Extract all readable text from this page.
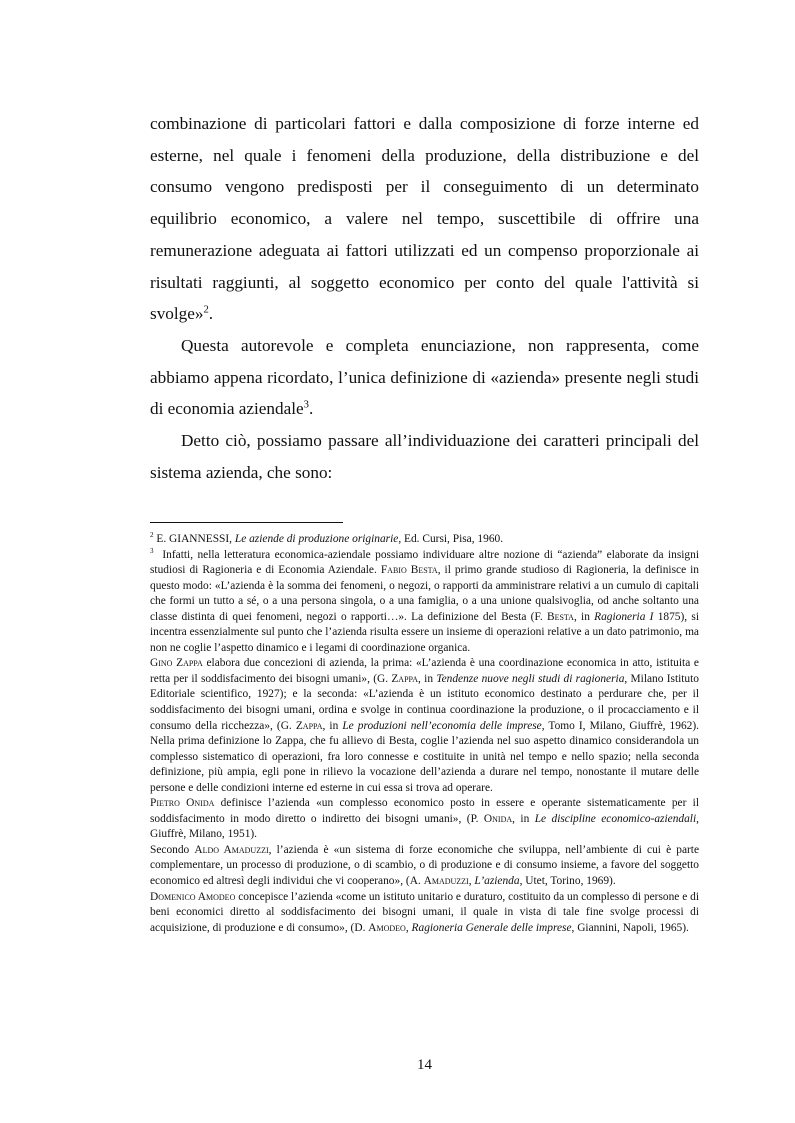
combinazione di particolari fattori e dalla composizione di forze interne ed esterne, nel quale i fenomeni della produzione, della distribuzione e del consumo vengono predisposti per il conseguimento di un determinato equilibrio economico, a valere nel tempo, suscettibile di offrire una remunerazione adeguata ai fattori utilizzati ed un compenso proporzionale ai risultati raggiunti, al soggetto economico per conto del quale l'attività si svolge»$^2$.

Questa autorevole e completa enunciazione, non rappresenta, come abbiamo appena ricordato, l’unica definizione di «azienda» presente negli studi di economia aziendale$^3$.

Detto ciò, possiamo passare all’individuazione dei caratteri principali del sistema azienda, che sono:

$^2$ E. GIANNESSI, Le aziende di produzione originarie, Ed. Cursi, Pisa, 1960.

$^3$ Infatti, nella letteratura economica-aziendale possiamo individuare altre nozione di “azienda” elaborate da insigni studiosi di Ragioneria e di Economia Aziendale. Fabio Besta, il primo grande studioso di Ragioneria, la definisce in questo modo: «L’azienda è la somma dei fenomeni, o negozi, o rapporti da amministrare relativi a un cumulo di capitali che formi un tutto a sé, o a una persona singola, o a una famiglia, o a una unione qualsivoglia, od anche soltanto una classe distinta di quei fenomeni, negozi o rapporti…». La definizione del Besta (F. Besta, in Ragioneria I 1875), si incentra essenzialmente sul punto che l’azienda risulta essere un insieme di operazioni relative a un dato patrimonio, ma non ne coglie l’aspetto dinamico e i legami di coordinazione organica.

Gino Zappa elabora due concezioni di azienda, la prima: «L’azienda è una coordinazione economica in atto, istituita e retta per il soddisfacimento dei bisogni umani», (G. Zappa, in Tendenze nuove negli studi di ragioneria, Milano Istituto Editoriale scientifico, 1927); e la seconda: «L’azienda è un istituto economico destinato a perdurare che, per il soddisfacimento dei bisogni umani, ordina e svolge in continua coordinazione la produzione, o il procacciamento e il consumo della ricchezza», (G. Zappa, in Le produzioni nell’economia delle imprese, Tomo I, Milano, Giuffrè, 1962). Nella prima definizione lo Zappa, che fu allievo di Besta, coglie l’azienda nel suo aspetto dinamico considerandola un complesso sistematico di operazioni, fra loro connesse e costituite in unità nel tempo e nello spazio; nella seconda definizione, più ampia, egli pone in rilievo la vocazione dell’azienda a durare nel tempo, nonostante il mutare delle persone e delle condizioni interne ed esterne in cui essa si trova ad operare.

Pietro Onida definisce l’azienda «un complesso economico posto in essere e operante sistematicamente per il soddisfacimento in modo diretto o indiretto dei bisogni umani», (P. Onida, in Le discipline economico-aziendali, Giuffrè, Milano, 1951).

Secondo Aldo Amaduzzi, l’azienda è «un sistema di forze economiche che sviluppa, nell’ambiente di cui è parte complementare, un processo di produzione, o di scambio, o di produzione e di consumo insieme, a favore del soggetto economico ed altresì degli individui che vi cooperano», (A. Amaduzzi, L’azienda, Utet, Torino, 1969).

Domenico Amodeo concepisce l’azienda «come un istituto unitario e duraturo, costituito da un complesso di persone e di beni economici diretto al soddisfacimento dei bisogni umani, il quale in vista di tale fine svolge processi di acquisizione, di produzione e di consumo», (D. Amodeo, Ragioneria Generale delle imprese, Giannini, Napoli, 1965).

14
